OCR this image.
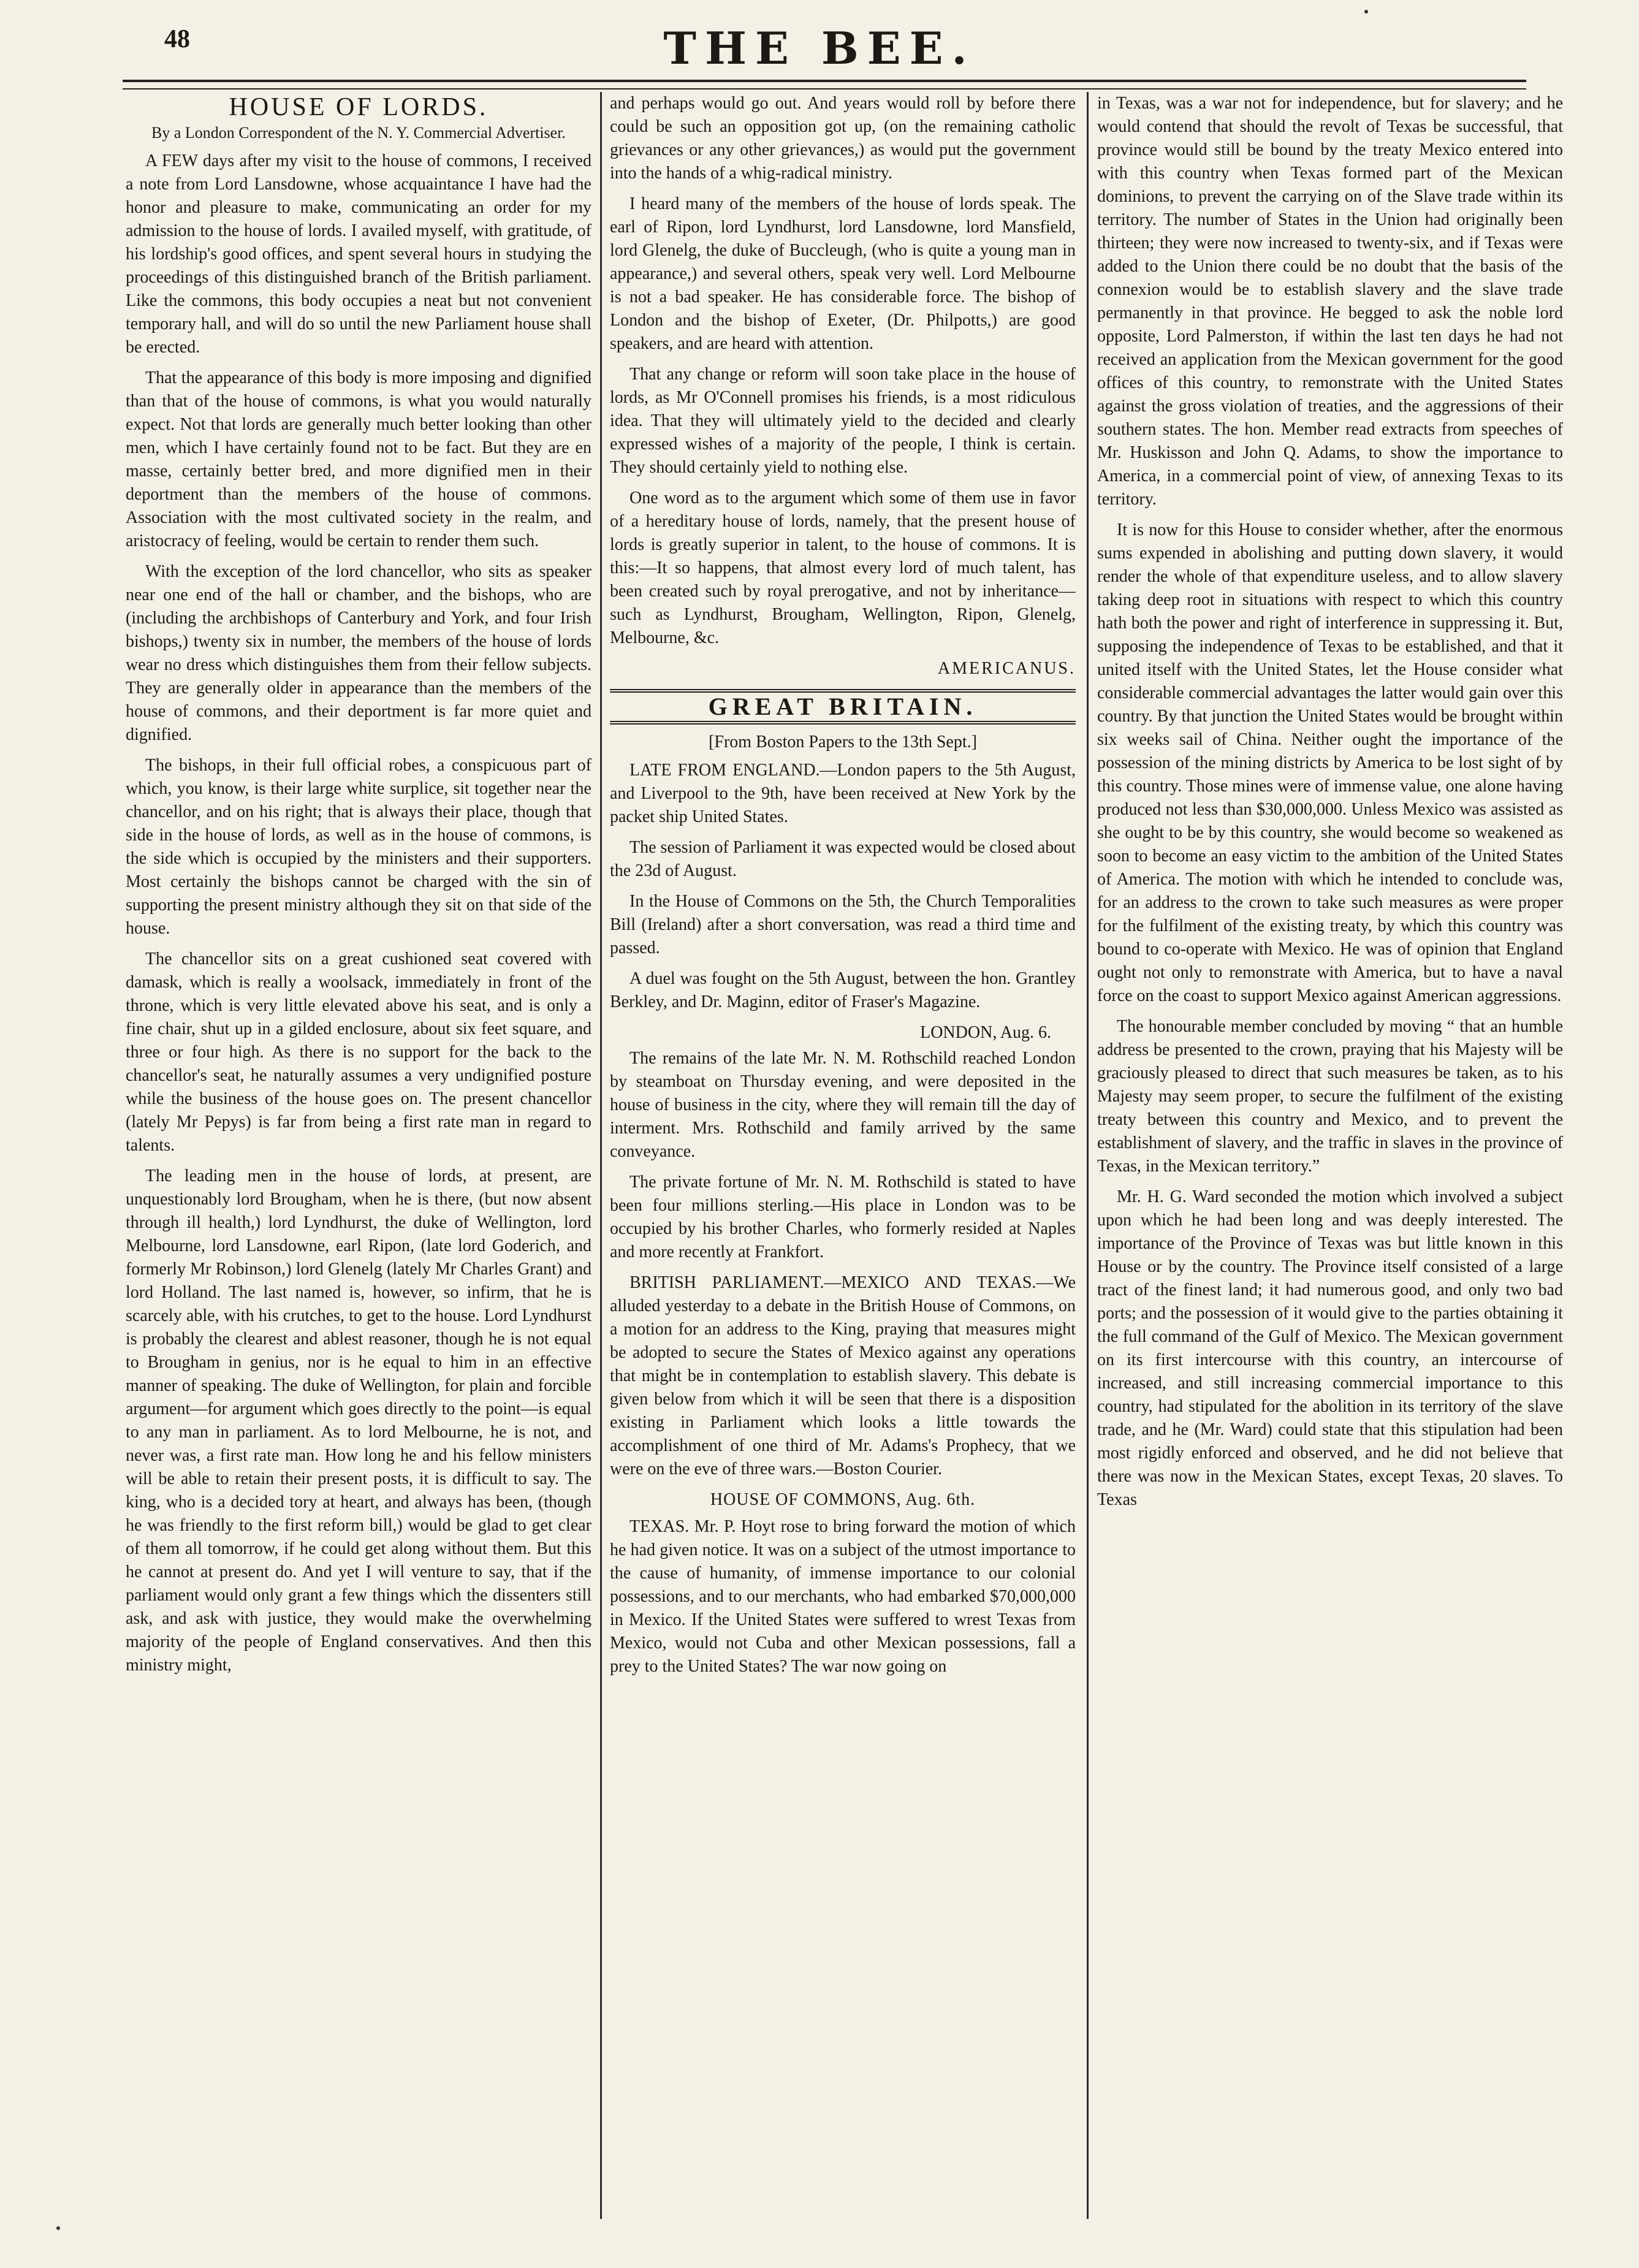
48	THE BEE.
HOUSE OF LORDS.
By a London Correspondent of the N. Y. Commercial Advertiser.

A FEW days after my visit to the house of commons, I received a note from Lord Lansdowne, whose acquaintance I have had the honor and pleasure to make, communicating an order for my admission to the house of lords. I availed myself, with gratitude, of his lordship's good offices, and spent several hours in studying the proceedings of this distinguished branch of the British parliament. Like the commons, this body occupies a neat but not convenient temporary hall, and will do so until the new Parliament house shall be erected.

That the appearance of this body is more imposing and dignified than that of the house of commons, is what you would naturally expect. Not that lords are generally much better looking than other men, which I have certainly found not to be fact. But they are en masse, certainly better bred, and more dignified men in their deportment than the members of the house of commons. Association with the most cultivated society in the realm, and aristocracy of feeling, would be certain to render them such.

With the exception of the lord chancellor, who sits as speaker near one end of the hall or chamber, and the bishops, who are (including the archbishops of Canterbury and York, and four Irish bishops,) twenty six in number, the members of the house of lords wear no dress which distinguishes them from their fellow subjects. They are generally older in appearance than the members of the house of commons, and their deportment is far more quiet and dignified.

The bishops, in their full official robes, a conspicuous part of which, you know, is their large white surplice, sit together near the chancellor, and on his right; that is always their place, though that side in the house of lords, as well as in the house of commons, is the side which is occupied by the ministers and their supporters. Most certainly the bishops cannot be charged with the sin of supporting the present ministry although they sit on that side of the house.

The chancellor sits on a great cushioned seat covered with damask, which is really a woolsack, immediately in front of the throne, which is very little elevated above his seat, and is only a fine chair, shut up in a gilded enclosure, about six feet square, and three or four high. As there is no support for the back to the chancellor's seat, he naturally assumes a very undignified posture while the business of the house goes on. The present chancellor (lately Mr Pepys) is far from being a first rate man in regard to talents.

The leading men in the house of lords, at present, are unquestionably lord Brougham, when he is there, (but now absent through ill health,) lord Lyndhurst, the duke of Wellington, lord Melbourne, lord Lansdowne, earl Ripon, (late lord Goderich, and formerly Mr Robinson,) lord Glenelg (lately Mr Charles Grant) and lord Holland. The last named is, however, so infirm, that he is scarcely able, with his crutches, to get to the house. Lord Lyndhurst is probably the clearest and ablest reasoner, though he is not equal to Brougham in genius, nor is he equal to him in an effective manner of speaking. The duke of Wellington, for plain and forcible argument—for argument which goes directly to the point—is equal to any man in parliament. As to lord Melbourne, he is not, and never was, a first rate man. How long he and his fellow ministers will be able to retain their present posts, it is difficult to say. The king, who is a decided tory at heart, and always has been, (though he was friendly to the first reform bill,) would be glad to get clear of them all tomorrow, if he could get along without them. But this he cannot at present do. And yet I will venture to say, that if the parliament would only grant a few things which the dissenters still ask, and ask with justice, they would make the overwhelming majority of the people of England conservatives. And then this ministry might,

and perhaps would go out. And years would roll by before there could be such an opposition got up, (on the remaining catholic grievances or any other grievances,) as would put the government into the hands of a whig-radical ministry.

I heard many of the members of the house of lords speak. The earl of Ripon, lord Lyndhurst, lord Lansdowne, lord Mansfield, lord Glenelg, the duke of Buccleugh, (who is quite a young man in appearance,) and several others, speak very well. Lord Melbourne is not a bad speaker. He has considerable force. The bishop of London and the bishop of Exeter, (Dr. Philpotts,) are good speakers, and are heard with attention.

That any change or reform will soon take place in the house of lords, as Mr O'Connell promises his friends, is a most ridiculous idea. That they will ultimately yield to the decided and clearly expressed wishes of a majority of the people, I think is certain. They should certainly yield to nothing else.

One word as to the argument which some of them use in favor of a hereditary house of lords, namely, that the present house of lords is greatly superior in talent, to the house of commons. It is this:—It so happens, that almost every lord of much talent, has been created such by royal prerogative, and not by inheritance—such as Lyndhurst, Brougham, Wellington, Ripon, Glenelg, Melbourne, &c.

AMERICANUS.
GREAT BRITAIN.
[From Boston Papers to the 13th Sept.]

LATE FROM ENGLAND.—London papers to the 5th August, and Liverpool to the 9th, have been received at New York by the packet ship United States.

The session of Parliament it was expected would be closed about the 23d of August.

In the House of Commons on the 5th, the Church Temporalities Bill (Ireland) after a short conversation, was read a third time and passed.

A duel was fought on the 5th August, between the hon. Grantley Berkley, and Dr. Maginn, editor of Fraser's Magazine.

LONDON, Aug. 6.

The remains of the late Mr. N. M. Rothschild reached London by steamboat on Thursday evening, and were deposited in the house of business in the city, where they will remain till the day of interment. Mrs. Rothschild and family arrived by the same conveyance.

The private fortune of Mr. N. M. Rothschild is stated to have been four millions sterling.—His place in London was to be occupied by his brother Charles, who formerly resided at Naples and more recently at Frankfort.

BRITISH PARLIAMENT.—MEXICO AND TEXAS.—We alluded yesterday to a debate in the British House of Commons, on a motion for an address to the King, praying that measures might be adopted to secure the States of Mexico against any operations that might be in contemplation to establish slavery. This debate is given below from which it will be seen that there is a disposition existing in Parliament which looks a little towards the accomplishment of one third of Mr. Adams's Prophecy, that we were on the eve of three wars.—Boston Courier.

HOUSE OF COMMONS, Aug. 6th.

TEXAS. Mr. P. Hoyt rose to bring forward the motion of which he had given notice. It was on a subject of the utmost importance to the cause of humanity, of immense importance to our colonial possessions, and to our merchants, who had embarked $70,000,000 in Mexico. If the United States were suffered to wrest Texas from Mexico, would not Cuba and other Mexican possessions, fall a prey to the United States? The war now going on

in Texas, was a war not for independence, but for slavery; and he would contend that should the revolt of Texas be successful, that province would still be bound by the treaty Mexico entered into with this country when Texas formed part of the Mexican dominions, to prevent the carrying on of the Slave trade within its territory. The number of States in the Union had originally been thirteen; they were now increased to twenty-six, and if Texas were added to the Union there could be no doubt that the basis of the connexion would be to establish slavery and the slave trade permanently in that province. He begged to ask the noble lord opposite, Lord Palmerston, if within the last ten days he had not received an application from the Mexican government for the good offices of this country, to remonstrate with the United States against the gross violation of treaties, and the aggressions of their southern states. The hon. Member read extracts from speeches of Mr. Huskisson and John Q. Adams, to show the importance to America, in a commercial point of view, of annexing Texas to its territory.

It is now for this House to consider whether, after the enormous sums expended in abolishing and putting down slavery, it would render the whole of that expenditure useless, and to allow slavery taking deep root in situations with respect to which this country hath both the power and right of interference in suppressing it. But, supposing the independence of Texas to be established, and that it united itself with the United States, let the House consider what considerable commercial advantages the latter would gain over this country. By that junction the United States would be brought within six weeks sail of China. Neither ought the importance of the possession of the mining districts by America to be lost sight of by this country. Those mines were of immense value, one alone having produced not less than $30,000,000. Unless Mexico was assisted as she ought to be by this country, she would become so weakened as soon to become an easy victim to the ambition of the United States of America. The motion with which he intended to conclude was, for an address to the crown to take such measures as were proper for the fulfilment of the existing treaty, by which this country was bound to co-operate with Mexico. He was of opinion that England ought not only to remonstrate with America, but to have a naval force on the coast to support Mexico against American aggressions.

The honourable member concluded by moving “ that an humble address be presented to the crown, praying that his Majesty will be graciously pleased to direct that such measures be taken, as to his Majesty may seem proper, to secure the fulfilment of the existing treaty between this country and Mexico, and to prevent the establishment of slavery, and the traffic in slaves in the province of Texas, in the Mexican territory.”

Mr. H. G. Ward seconded the motion which involved a subject upon which he had been long and was deeply interested. The importance of the Province of Texas was but little known in this House or by the country. The Province itself consisted of a large tract of the finest land; it had numerous good, and only two bad ports; and the possession of it would give to the parties obtaining it the full command of the Gulf of Mexico. The Mexican government on its first intercourse with this country, an intercourse of increased, and still increasing commercial importance to this country, had stipulated for the abolition in its territory of the slave trade, and he (Mr. Ward) could state that this stipulation had been most rigidly enforced and observed, and he did not believe that there was now in the Mexican States, except Texas, 20 slaves. To Texas
